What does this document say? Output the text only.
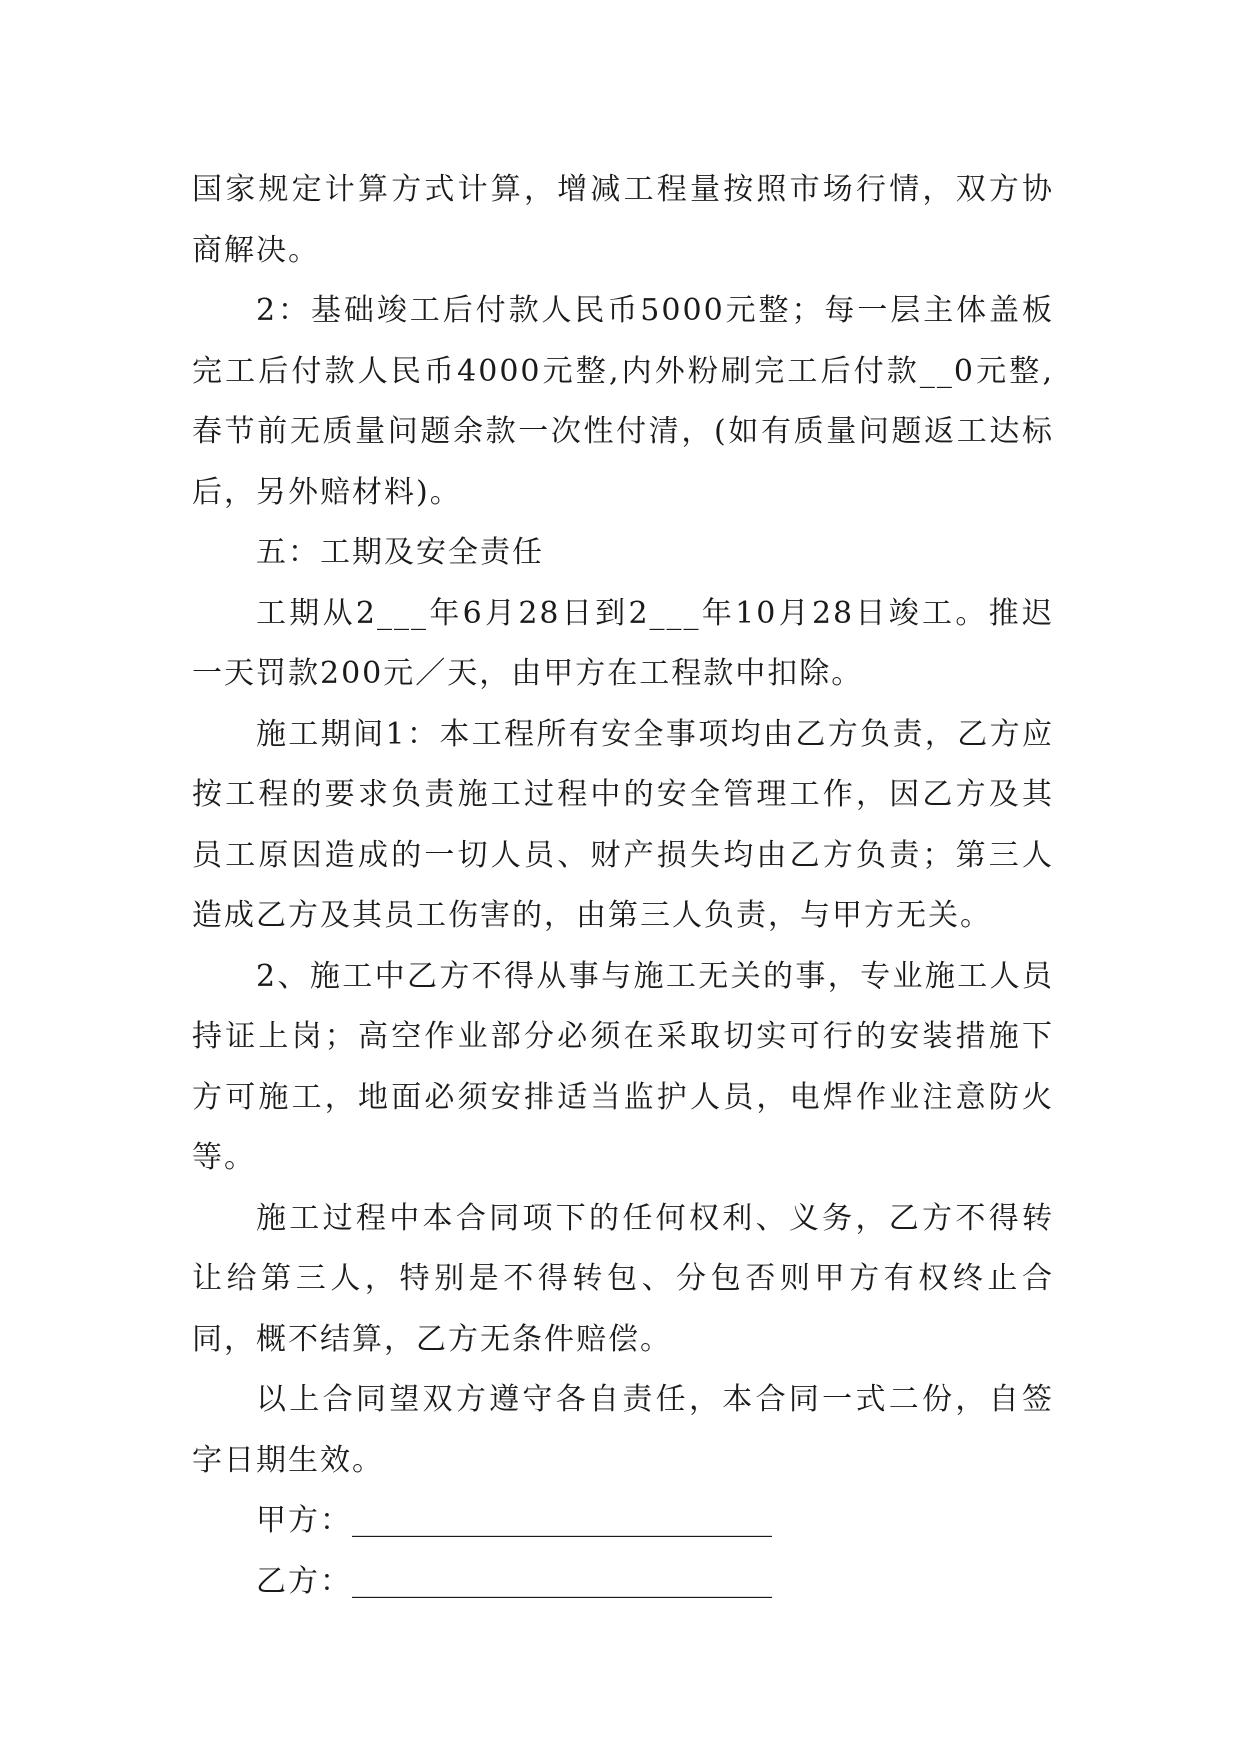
国家规定计算方式计算，增减工程量按照市场行情，双方协商解决。

2：基础竣工后付款人民币5000元整；每一层主体盖板完工后付款人民币4000元整,内外粉刷完工后付款__0元整,春节前无质量问题余款一次性付清，(如有质量问题返工达标后，另外赔材料)。

五：工期及安全责任

工期从2___年6月28日到2___年10月28日竣工。推迟一天罚款200元／天，由甲方在工程款中扣除。

施工期间1：本工程所有安全事项均由乙方负责，乙方应按工程的要求负责施工过程中的安全管理工作，因乙方及其员工原因造成的一切人员、财产损失均由乙方负责；第三人造成乙方及其员工伤害的，由第三人负责，与甲方无关。

2、施工中乙方不得从事与施工无关的事，专业施工人员持证上岗；高空作业部分必须在采取切实可行的安装措施下方可施工，地面必须安排适当监护人员，电焊作业注意防火等。

施工过程中本合同项下的任何权利、义务，乙方不得转让给第三人，特别是不得转包、分包否则甲方有权终止合同，概不结算，乙方无条件赔偿。

以上合同望双方遵守各自责任，本合同一式二份，自签字日期生效。

甲方：____________________________
乙方：____________________________
